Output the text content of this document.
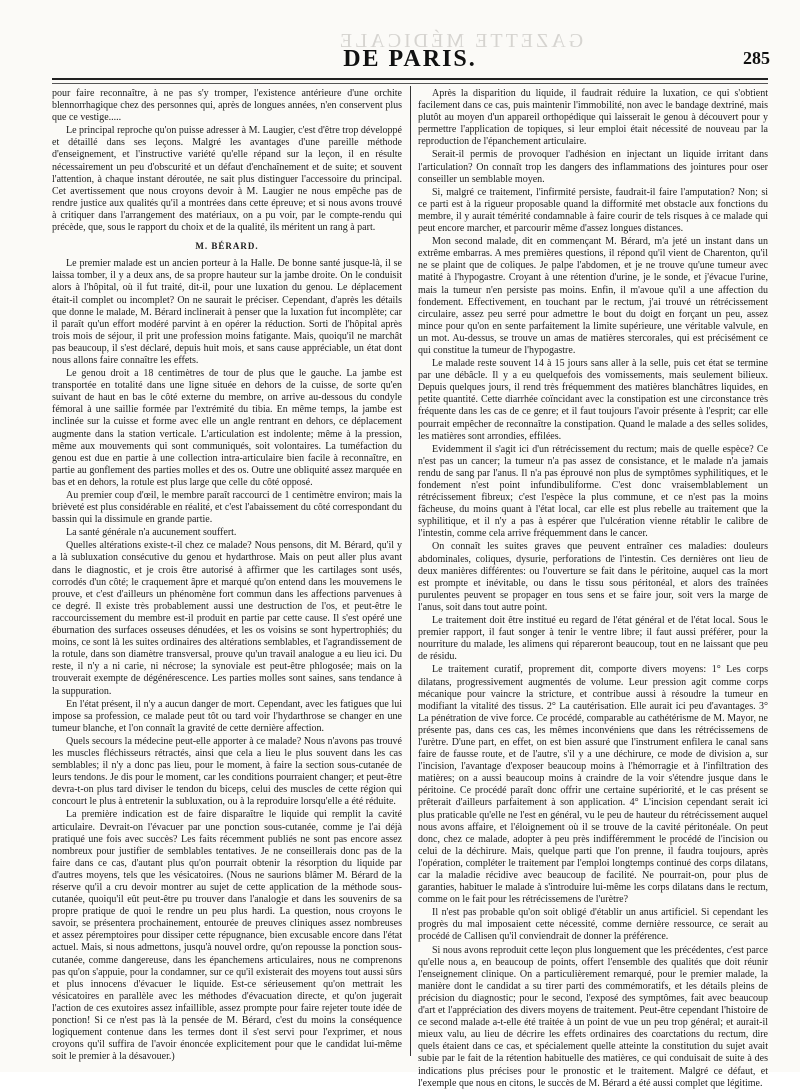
GAZETTE MÉDICALE
DE PARIS.	285

pour faire reconnaître, à ne pas s'y tromper, l'existence antérieure d'une orchite blennorrhagique chez des personnes qui, après de longues années, n'en conservent plus que ce vestige.....

Le principal reproche qu'on puisse adresser à M. Laugier, c'est d'être trop développé et détaillé dans ses leçons. Malgré les avantages d'une pareille méthode d'enseignement, et l'instructive variété qu'elle répand sur la leçon, il en résulte nécessairement un peu d'obscurité et un défaut d'enchaînement et de suite; et souvent l'attention, à chaque instant déroutée, ne sait plus distinguer l'accessoire du principal. Cet avertissement que nous croyons devoir à M. Laugier ne nous empêche pas de rendre justice aux qualités qu'il a montrées dans cette épreuve; et si nous avons trouvé à critiquer dans l'arrangement des matériaux, on a pu voir, par le compte-rendu qui précède, que, sous le rapport du choix et de la qualité, ils méritent un rang à part.

M. BÉRARD.

Le premier malade est un ancien porteur à la Halle. De bonne santé jusque-là, il se laissa tomber, il y a deux ans, de sa propre hauteur sur la jambe droite. On le conduisit alors à l'hôpital, où il fut traité, dit-il, pour une luxation du genou. Le déplacement était-il complet ou incomplet? On ne saurait le préciser. Cependant, d'après les détails que donne le malade, M. Bérard inclinerait à penser que la luxation fut incomplète; car il paraît qu'un effort modéré parvint à en opérer la réduction. Sorti de l'hôpital après trois mois de séjour, il prit une profession moins fatigante. Mais, quoiqu'il ne marchât pas beaucoup, il s'est déclaré, depuis huit mois, et sans cause appréciable, un état dont nous allons faire connaître les effets.

Le genou droit a 18 centimètres de tour de plus que le gauche. La jambe est transportée en totalité dans une ligne située en dehors de la cuisse, de sorte qu'en suivant de haut en bas le côté externe du membre, on arrive au-dessous du condyle fémoral à une saillie formée par l'extrémité du tibia. En même temps, la jambe est inclinée sur la cuisse et forme avec elle un angle rentrant en dehors, ce déplacement augmente dans la station verticale. L'articulation est indolente; même à la pression, même aux mouvements qui sont communiqués, soit volontaires. La tuméfaction du genou est due en partie à une collection intra-articulaire bien facile à reconnaître, en partie au gonflement des parties molles et des os. Outre une obliquité assez marquée en bas et en dehors, la rotule est plus large que celle du côté opposé.

Au premier coup d'œil, le membre paraît raccourci de 1 centimètre environ; mais la brièveté est plus considérable en réalité, et c'est l'abaissement du côté correspondant du bassin qui la dissimule en grande partie.

La santé générale n'a aucunement souffert.

Quelles altérations existe-t-il chez ce malade? Nous pensons, dit M. Bérard, qu'il y a là subluxation consécutive du genou et hydarthrose. Mais on peut aller plus avant dans le diagnostic, et je crois être autorisé à affirmer que les cartilages sont usés, corrodés d'un côté; le craquement âpre et marqué qu'on entend dans les mouvemens le prouve, et c'est d'ailleurs un phénomène fort commun dans les affections parvenues à ce degré. Il existe très probablement aussi une destruction de l'os, et peut-être le raccourcissement du membre est-il produit en partie par cette cause. Il s'est opéré une éburnation des surfaces osseuses dénudées, et les os voisins se sont hypertrophiés; du moins, ce sont là les suites ordinaires des altérations semblables, et l'agrandissement de la rotule, dans son diamètre transversal, prouve qu'un travail analogue a eu lieu ici. Du reste, il n'y a ni carie, ni nécrose; la synoviale est peut-être phlogosée; mais on la trouverait exempte de dégénérescence. Les parties molles sont saines, sans tendance à la suppuration.

En l'état présent, il n'y a aucun danger de mort. Cependant, avec les fatigues que lui impose sa profession, ce malade peut tôt ou tard voir l'hydarthrose se changer en une tumeur blanche, et l'on connaît la gravité de cette dernière affection.

Quels secours la médecine peut-elle apporter à ce malade? Nous n'avons pas trouvé les muscles fléchisseurs rétractés, ainsi que cela a lieu le plus souvent dans les cas semblables; il n'y a donc pas lieu, pour le moment, à faire la section sous-cutanée de leurs tendons. Je dis pour le moment, car les conditions pourraient changer; et peut-être devra-t-on plus tard diviser le tendon du biceps, celui des muscles de cette région qui concourt le plus à entretenir la subluxation, ou à la reproduire lorsqu'elle a été réduite.

La première indication est de faire disparaître le liquide qui remplit la cavité articulaire. Devrait-on l'évacuer par une ponction sous-cutanée, comme je l'ai déjà pratiqué une fois avec succès? Les faits récemment publiés ne sont pas encore assez nombreux pour justifier de semblables tentatives. Je ne conseillerais donc pas de la faire dans ce cas, d'autant plus qu'on pourrait obtenir la résorption du liquide par d'autres moyens, tels que les vésicatoires. (Nous ne saurions blâmer M. Bérard de la réserve qu'il a cru devoir montrer au sujet de cette application de la méthode sous-cutanée, quoiqu'il eût peut-être pu trouver dans l'analogie et dans les souvenirs de sa propre pratique de quoi le rendre un peu plus hardi. La question, nous croyons le savoir, se présentera prochainement, entourée de preuves cliniques assez nombreuses et assez péremptoires pour dissiper cette répugnance, bien excusable encore dans l'état actuel. Mais, si nous admettons, jusqu'à nouvel ordre, qu'on repousse la ponction sous-cutanée, comme dangereuse, dans les épanchemens articulaires, nous ne comprenons pas qu'on s'appuie, pour la condamner, sur ce qu'il existerait des moyens tout aussi sûrs et plus innocens d'évacuer le liquide. Est-ce sérieusement qu'on mettrait les vésicatoires en parallèle avec les méthodes d'évacuation directe, et qu'on jugerait l'action de ces exutoires assez infaillible, assez prompte pour faire rejeter toute idée de ponction! Si ce n'est pas là la pensée de M. Bérard, c'est du moins la conséquence logiquement contenue dans les termes dont il s'est servi pour l'exprimer, et nous croyons qu'il suffira de l'avoir énoncée explicitement pour que le candidat lui-même soit le premier à la désavouer.)

Après la disparition du liquide, il faudrait réduire la luxation, ce qui s'obtient facilement dans ce cas, puis maintenir l'immobilité, non avec le bandage dextriné, mais plutôt au moyen d'un appareil orthopédique qui laisserait le genou à découvert pour y permettre l'application de topiques, si leur emploi était nécessité de nouveau par la reproduction de l'épanchement articulaire.

Serait-il permis de provoquer l'adhésion en injectant un liquide irritant dans l'articulation? On connaît trop les dangers des inflammations des jointures pour oser conseiller un semblable moyen.

Si, malgré ce traitement, l'infirmité persiste, faudrait-il faire l'amputation? Non; si ce parti est à la rigueur proposable quand la difformité met obstacle aux fonctions du membre, il y aurait témérité condamnable à faire courir de tels risques à ce malade qui peut encore marcher, et parcourir même d'assez longues distances.

Mon second malade, dit en commençant M. Bérard, m'a jeté un instant dans un extrême embarras. A mes premières questions, il répond qu'il vient de Charenton, qu'il ne se plaint que de coliques. Je palpe l'abdomen, et je ne trouve qu'une tumeur avec matité à l'hypogastre. Croyant à une rétention d'urine, je le sonde, et j'évacue l'urine, mais la tumeur n'en persiste pas moins. Enfin, il m'avoue qu'il a une affection du fondement. Effectivement, en touchant par le rectum, j'ai trouvé un rétrécissement circulaire, assez peu serré pour admettre le bout du doigt en forçant un peu, assez mince pour qu'on en sente parfaitement la limite supérieure, une véritable valvule, en un mot. Au-dessus, se trouve un amas de matières stercorales, qui est précisément ce qui constitue la tumeur de l'hypogastre.

Le malade reste souvent 14 à 15 jours sans aller à la selle, puis cet état se termine par une débâcle. Il y a eu quelquefois des vomissements, mais seulement bilieux. Depuis quelques jours, il rend très fréquemment des matières blanchâtres liquides, en petite quantité. Cette diarrhée coïncidant avec la constipation est une circonstance très fréquente dans les cas de ce genre; et il faut toujours l'avoir présente à l'esprit; car elle pourrait empêcher de reconnaître la constipation. Quand le malade a des selles solides, les matières sont arrondies, effilées.

Evidemment il s'agit ici d'un rétrécissement du rectum; mais de quelle espèce? Ce n'est pas un cancer; la tumeur n'a pas assez de consistance, et le malade n'a jamais rendu de sang par l'anus. Il n'a pas éprouvé non plus de symptômes syphilitiques, et le fondement n'est point infundibuliforme. C'est donc vraisemblablement un rétrécissement fibreux; c'est l'espèce la plus commune, et ce n'est pas la moins fâcheuse, du moins quant à l'état local, car elle est plus rebelle au traitement que la syphilitique, et il n'y a pas à espérer que l'ulcération vienne rétablir le calibre de l'intestin, comme cela arrive fréquemment dans le cancer.

On connaît les suites graves que peuvent entraîner ces maladies: douleurs abdominales, coliques, dysurie, perforations de l'intestin. Ces dernières ont lieu de deux manières différentes: ou l'ouverture se fait dans le péritoine, auquel cas la mort est prompte et inévitable, ou dans le tissu sous péritonéal, et alors des traînées purulentes peuvent se propager en tous sens et se faire jour, soit vers la marge de l'anus, soit dans tout autre point.

Le traitement doit être institué eu regard de l'état général et de l'état local. Sous le premier rapport, il faut songer à tenir le ventre libre; il faut aussi préférer, pour la nourriture du malade, les alimens qui répareront beaucoup, tout en ne laissant que peu de résidu.

Le traitement curatif, proprement dit, comporte divers moyens: 1° Les corps dilatans, progressivement augmentés de volume. Leur pression agit comme corps mécanique pour vaincre la stricture, et contribue aussi à résoudre la tumeur en modifiant la vitalité des tissus. 2° La cautérisation. Elle aurait ici peu d'avantages. 3° La pénétration de vive force. Ce procédé, comparable au cathétérisme de M. Mayor, ne présente pas, dans ces cas, les mêmes inconvéniens que dans les rétrécissemens de l'urètre. D'une part, en effet, on est bien assuré que l'instrument enfilera le canal sans faire de fausse route, et de l'autre, s'il y a une déchirure, ce mode de division a, sur l'incision, l'avantage d'exposer beaucoup moins à l'hémorragie et à l'infiltration des matières; on a aussi beaucoup moins à craindre de la voir s'étendre jusque dans le péritoine. Ce procédé paraît donc offrir une certaine supériorité, et le cas présent se prêterait d'ailleurs parfaitement à son application. 4° L'incision cependant serait ici plus praticable qu'elle ne l'est en général, vu le peu de hauteur du rétrécissement auquel nous avons affaire, et l'éloignement où il se trouve de la cavité péritonéale. On peut donc, chez ce malade, adopter à peu près indifféremment le procédé de l'incision ou celui de la déchirure. Mais, quelque parti que l'on prenne, il faudra toujours, après l'opération, compléter le traitement par l'emploi longtemps continué des corps dilatans, car la maladie récidive avec beaucoup de facilité. Ne pourrait-on, pour plus de garanties, habituer le malade à s'introduire lui-même les corps dilatans dans le rectum, comme on le fait pour les rétrécissemens de l'urètre?

Il n'est pas probable qu'on soit obligé d'établir un anus artificiel. Si cependant les progrès du mal imposaient cette nécessité, comme dernière ressource, ce serait au procédé de Callisen qu'il conviendrait de donner la préférence.

Si nous avons reproduit cette leçon plus longuement que les précédentes, c'est parce qu'elle nous a, en beaucoup de points, offert l'ensemble des qualités que doit réunir l'enseignement clinique. On a particulièrement remarqué, pour le premier malade, la manière dont le candidat a su tirer parti des commémoratifs, et les détails pleins de précision du diagnostic; pour le second, l'exposé des symptômes, fait avec beaucoup d'art et l'appréciation des divers moyens de traitement. Peut-être cependant l'histoire de ce second malade a-t-elle été traitée à un point de vue un peu trop général; et aurait-il mieux valu, au lieu de décrire les effets ordinaires des coarctations du rectum, dire quels étaient dans ce cas, et spécialement quelle atteinte la constitution du sujet avait subie par le fait de la rétention habituelle des matières, ce qui conduisait de suite à des indications plus précises pour le pronostic et le traitement. Malgré ce défaut, et l'exemple que nous en citons, le succès de M. Bérard a été aussi complet que légitime.
